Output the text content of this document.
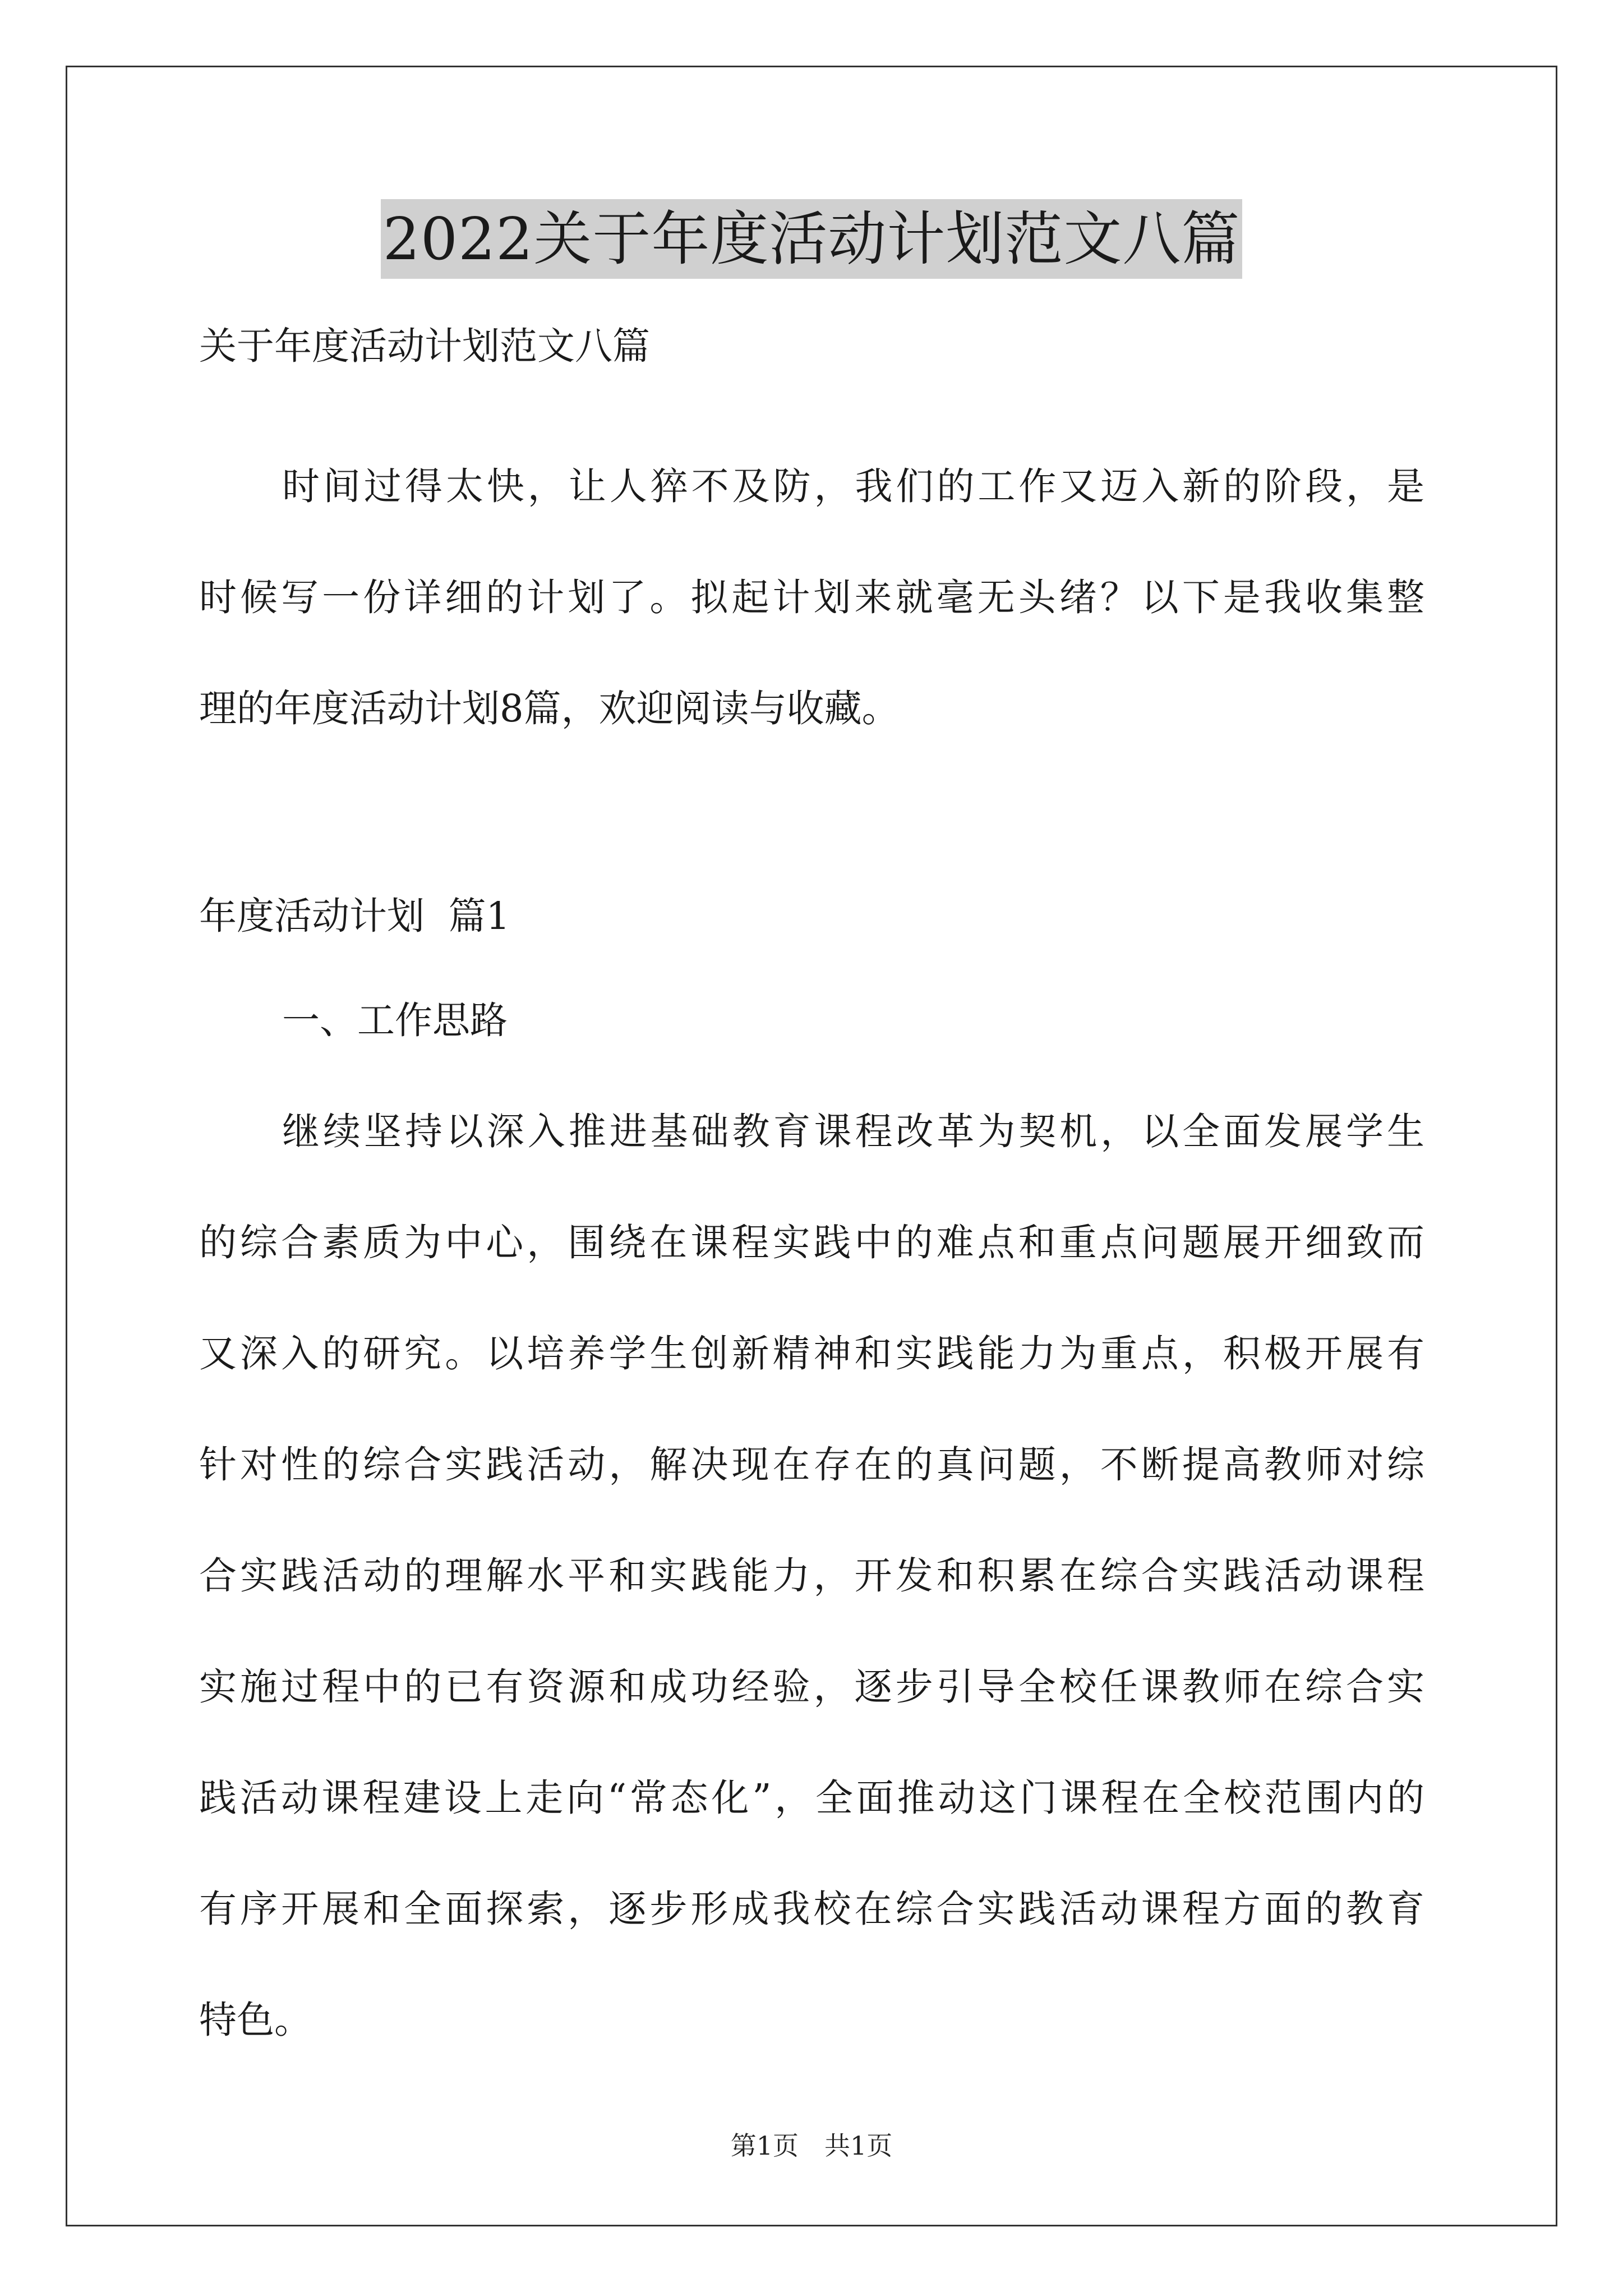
2022关于年度活动计划范文八篇

关于年度活动计划范文八篇

时间过得太快，让人猝不及防，我们的工作又迈入新的阶段，是

时候写一份详细的计划了。拟起计划来就毫无头绪？以下是我收集整

理的年度活动计划8篇，欢迎阅读与收藏。

年度活动计划  篇1

一、工作思路

继续坚持以深入推进基础教育课程改革为契机，以全面发展学生

的综合素质为中心，围绕在课程实践中的难点和重点问题展开细致而

又深入的研究。以培养学生创新精神和实践能力为重点，积极开展有

针对性的综合实践活动，解决现在存在的真问题，不断提高教师对综

合实践活动的理解水平和实践能力，开发和积累在综合实践活动课程

实施过程中的已有资源和成功经验，逐步引导全校任课教师在综合实

践活动课程建设上走向“常态化”，全面推动这门课程在全校范围内的

有序开展和全面探索，逐步形成我校在综合实践活动课程方面的教育

特色。

第1页 共1页
